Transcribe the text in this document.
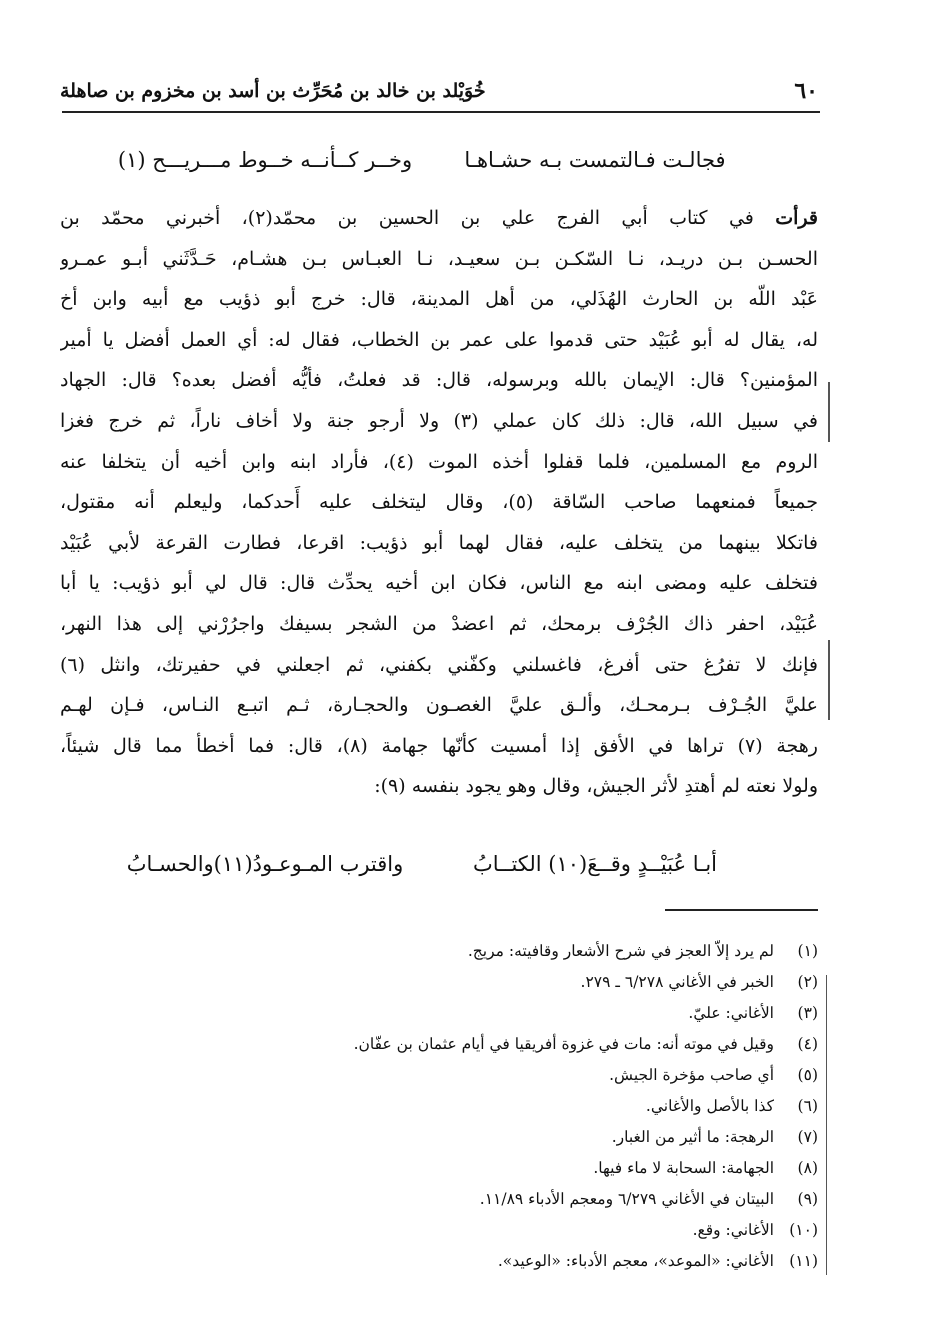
٦٠
خُوَيْلد بن خالد بن مُحَرِّث بن أسد بن مخزوم بن صاهلة
فجالـت فـالتمست بـه حشـاهـا
وخــر كــأنــه خــوط مـــريـــح (١)
قرأت في كتاب أبي الفرج علي بن الحسين بن محمّد(٢)، أخبرني محمّد بن
الحسـن بـن دريـد، نـا السّكـن بـن سعيـد، نـا العبـاس بـن هشـام، حَـدَّثَني أبـو عمـرو
عَبْد اللّه بن الحارث الهُذَلي، من أهل المدينة، قال: خرج أبو ذؤيب مع أبيه وابن أخ
له، يقال له أبو عُبَيْد حتى قدموا على عمر بن الخطاب، فقال له: أي العمل أفضل يا أمير
المؤمنين؟ قال: الإيمان بالله وبرسوله، قال: قد فعلتُ، فأيُّه أفضل بعده؟ قال: الجهاد
في سبيل الله، قال: ذلك كان عملي (٣) ولا أرجو جنة ولا أخاف ناراً، ثم خرج فغزا
الروم مع المسلمين، فلما قفلوا أخذه الموت (٤)، فأراد ابنه وابن أخيه أن يتخلفا عنه
جميعاً فمنعهما صاحب السّاقة (٥)، وقال ليتخلف عليه أَحدكما، وليعلم أنه مقتول،
فاتكلا بينهما من يتخلف عليه، فقال لهما أبو ذؤيب: اقرعا، فطارت القرعة لأبي عُبَيْد
فتخلف عليه ومضى ابنه مع الناس، فكان ابن أخيه يحدِّث قال: قال لي أبو ذؤيب: يا أبا
عُبَيْد، احفر ذاك الجُرْف برمحك، ثم اعضدْ من الشجر بسيفك واجرُرْني إلى هذا النهر،
فإنك لا تفرُغ حتى أفرغ، فاغسلني وكفّني بكفني، ثم اجعلني في حفيرتك، وانثل (٦)
عليَّ الجُـرْف بـرمحـك، وألـق عليَّ الغصـون والحجـارة، ثـم اتبـع النـاس، فـإن لهـم
رهجة (٧) تراها في الأفق إذا أمسيت كأنّها جهامة (٨)، قال: فما أخطأ مما قال شيئاً،
ولولا نعته لم أهتدِ لأثر الجيش، وقال وهو يجود بنفسه (٩):
أبـا عُبَيْــدٍ وقــعَ(١٠) الكتــابُ
واقترب المـوعـودُ(١١)والحسـابُ
(١)
لم يرد إلاّ العجز في شرح الأشعار وقافيته: مريج.
(٢)
الخبر في الأغاني ٦/٢٧٨ ـ ٢٧٩.
(٣)
الأغاني: عليّ.
(٤)
وقيل في موته أنه: مات في غزوة أفريقيا في أيام عثمان بن عفّان.
(٥)
أي صاحب مؤخرة الجيش.
(٦)
كذا بالأصل والأغاني.
(٧)
الرهجة: ما أثير من الغبار.
(٨)
الجهامة: السحابة لا ماء فيها.
(٩)
البيتان في الأغاني ٦/٢٧٩ ومعجم الأدباء ١١/٨٩.
(١٠)
الأغاني: وقع.
(١١)
الأغاني: «الموعد»، معجم الأدباء: «الوعيد».
